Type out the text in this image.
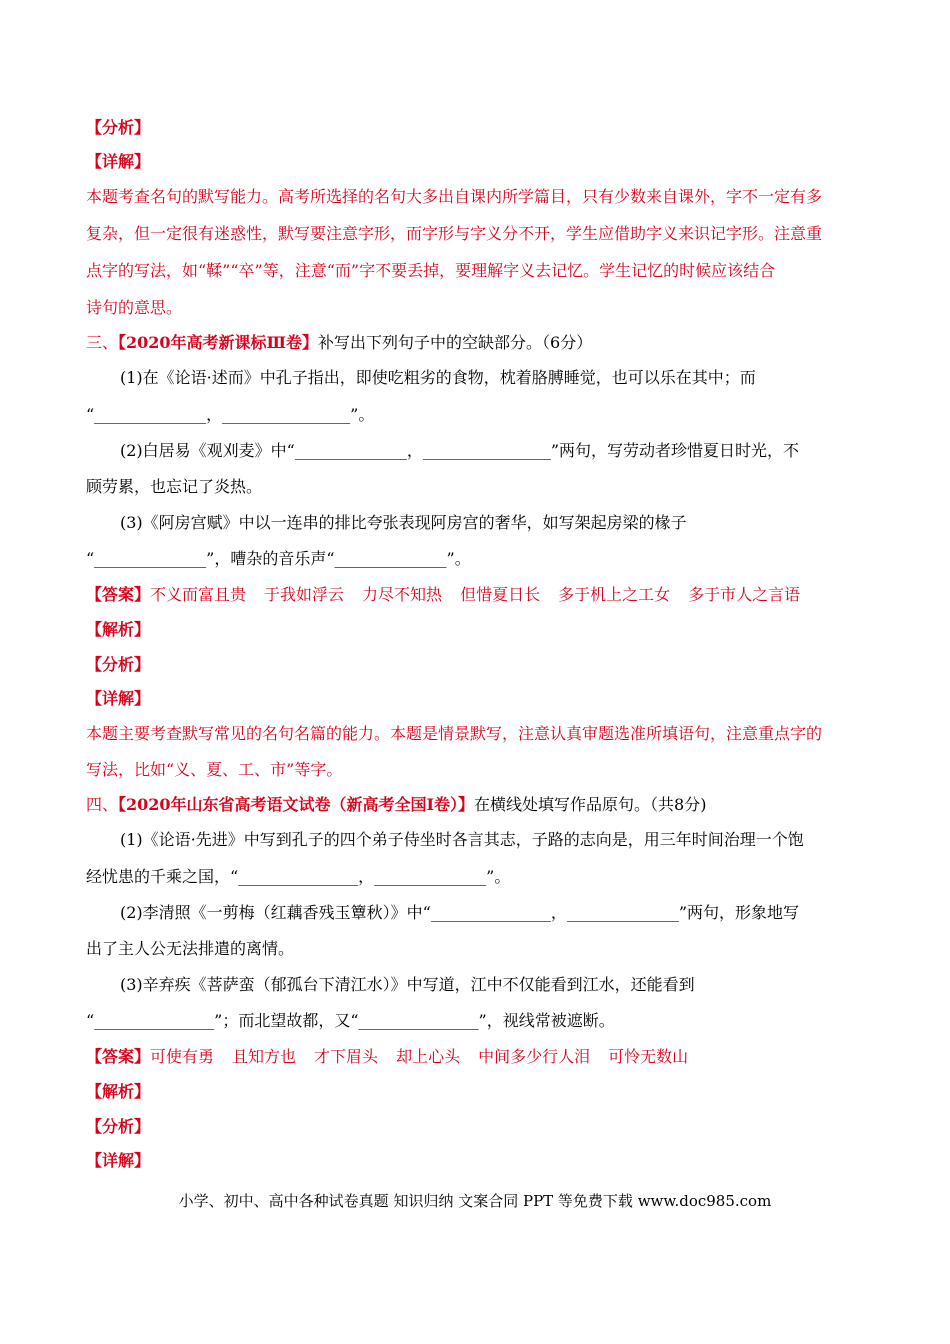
【分析】
【详解】
本题考查名句的默写能力。高考所选择的名句大多出自课内所学篇目，只有少数来自课外，字不一定有多
复杂，但一定很有迷惑性，默写要注意字形，而字形与字义分不开，学生应借助字义来识记字形。注意重
点字的写法，如“鞣”“卒”等，注意“而”字不要丢掉，要理解字义去记忆。学生记忆的时候应该结合
诗句的意思。
三、【2020年高考新课标Ⅲ卷】补写出下列句子中的空缺部分。（6分）
(1)在《论语·述而》中孔子指出，即使吃粗劣的食物，枕着胳膊睡觉，也可以乐在其中；而
“______________，________________”。
(2)白居易《观刈麦》中“______________，________________”两句，写劳动者珍惜夏日时光，不
顾劳累，也忘记了炎热。
(3)《阿房宫赋》中以一连串的排比夸张表现阿房宫的奢华，如写架起房梁的椽子
“______________”，嘈杂的音乐声“______________”。
【答案】不义而富且贵 于我如浮云 力尽不知热 但惜夏日长 多于机上之工女 多于市人之言语
【解析】
【分析】
【详解】
本题主要考查默写常见的名句名篇的能力。本题是情景默写，注意认真审题选准所填语句，注意重点字的
写法，比如“义、夏、工、市”等字。
四、【2020年山东省高考语文试卷（新高考全国Ⅰ卷）】在横线处填写作品原句。（共8分)
(1)《论语·先进》中写到孔子的四个弟子侍坐时各言其志，子路的志向是，用三年时间治理一个饱
经忧患的千乘之国，“_______________，______________”。
(2)李清照《一剪梅（红藕香残玉簟秋）》中“_______________，______________”两句，形象地写
出了主人公无法排遣的离情。
(3)辛弃疾《菩萨蛮（郁孤台下清江水）》中写道，江中不仅能看到江水，还能看到
“_______________”；而北望故都，又“_______________”，视线常被遮断。
【答案】可使有勇 且知方也 才下眉头 却上心头 中间多少行人泪 可怜无数山
【解析】
【分析】
【详解】
小学、初中、高中各种试卷真题 知识归纳 文案合同 PPT 等免费下载 www.doc985.com
